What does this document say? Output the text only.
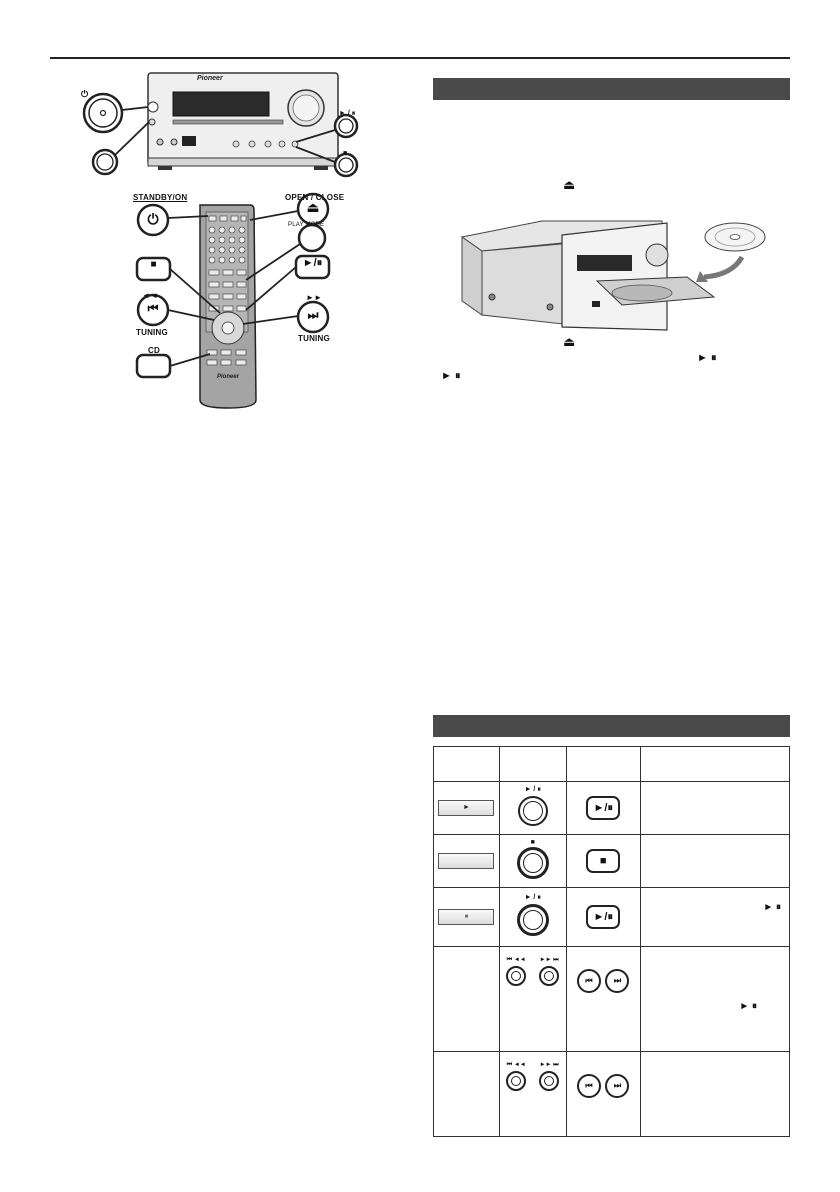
Pioneer
Pioneer
⏻
► / ⏸
■
STANDBY/ON	OPEN / CLOSE
PLAY MODE
◄◄	►►
TUNING
TUNING
CD
⏻
⏏
■	►/⏸
⏮	⏭
⏏
⏏
► ⏸
► ⏸

►	► / ⏸	►/⏸	

	■	■	

⏸	► / ⏸	►/⏸	► ⏸

	⏮ ◄◄ ►► ⏭	⏮ ⏭	► ⏸

	⏮ ◄◄ ►► ⏭	⏮ ⏭	
